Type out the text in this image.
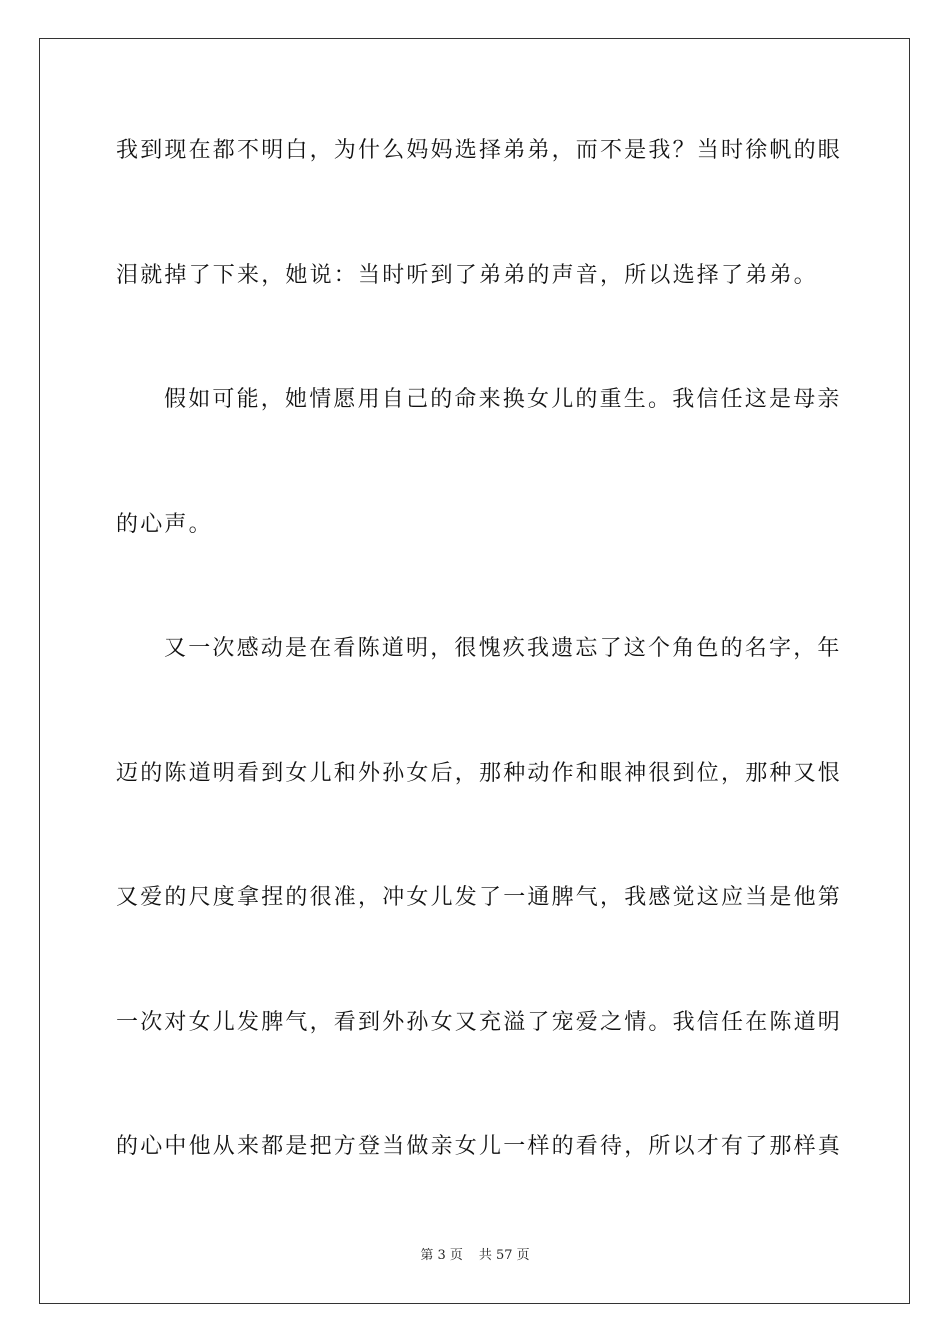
我到现在都不明白，为什么妈妈选择弟弟，而不是我？当时徐帆的眼
泪就掉了下来，她说：当时听到了弟弟的声音，所以选择了弟弟。
假如可能，她情愿用自己的命来换女儿的重生。我信任这是母亲
的心声。
又一次感动是在看陈道明，很愧疚我遗忘了这个角色的名字，年
迈的陈道明看到女儿和外孙女后，那种动作和眼神很到位，那种又恨
又爱的尺度拿捏的很准，冲女儿发了一通脾气，我感觉这应当是他第
一次对女儿发脾气，看到外孙女又充溢了宠爱之情。我信任在陈道明
的心中他从来都是把方登当做亲女儿一样的看待，所以才有了那样真
第 3 页 共 57 页
